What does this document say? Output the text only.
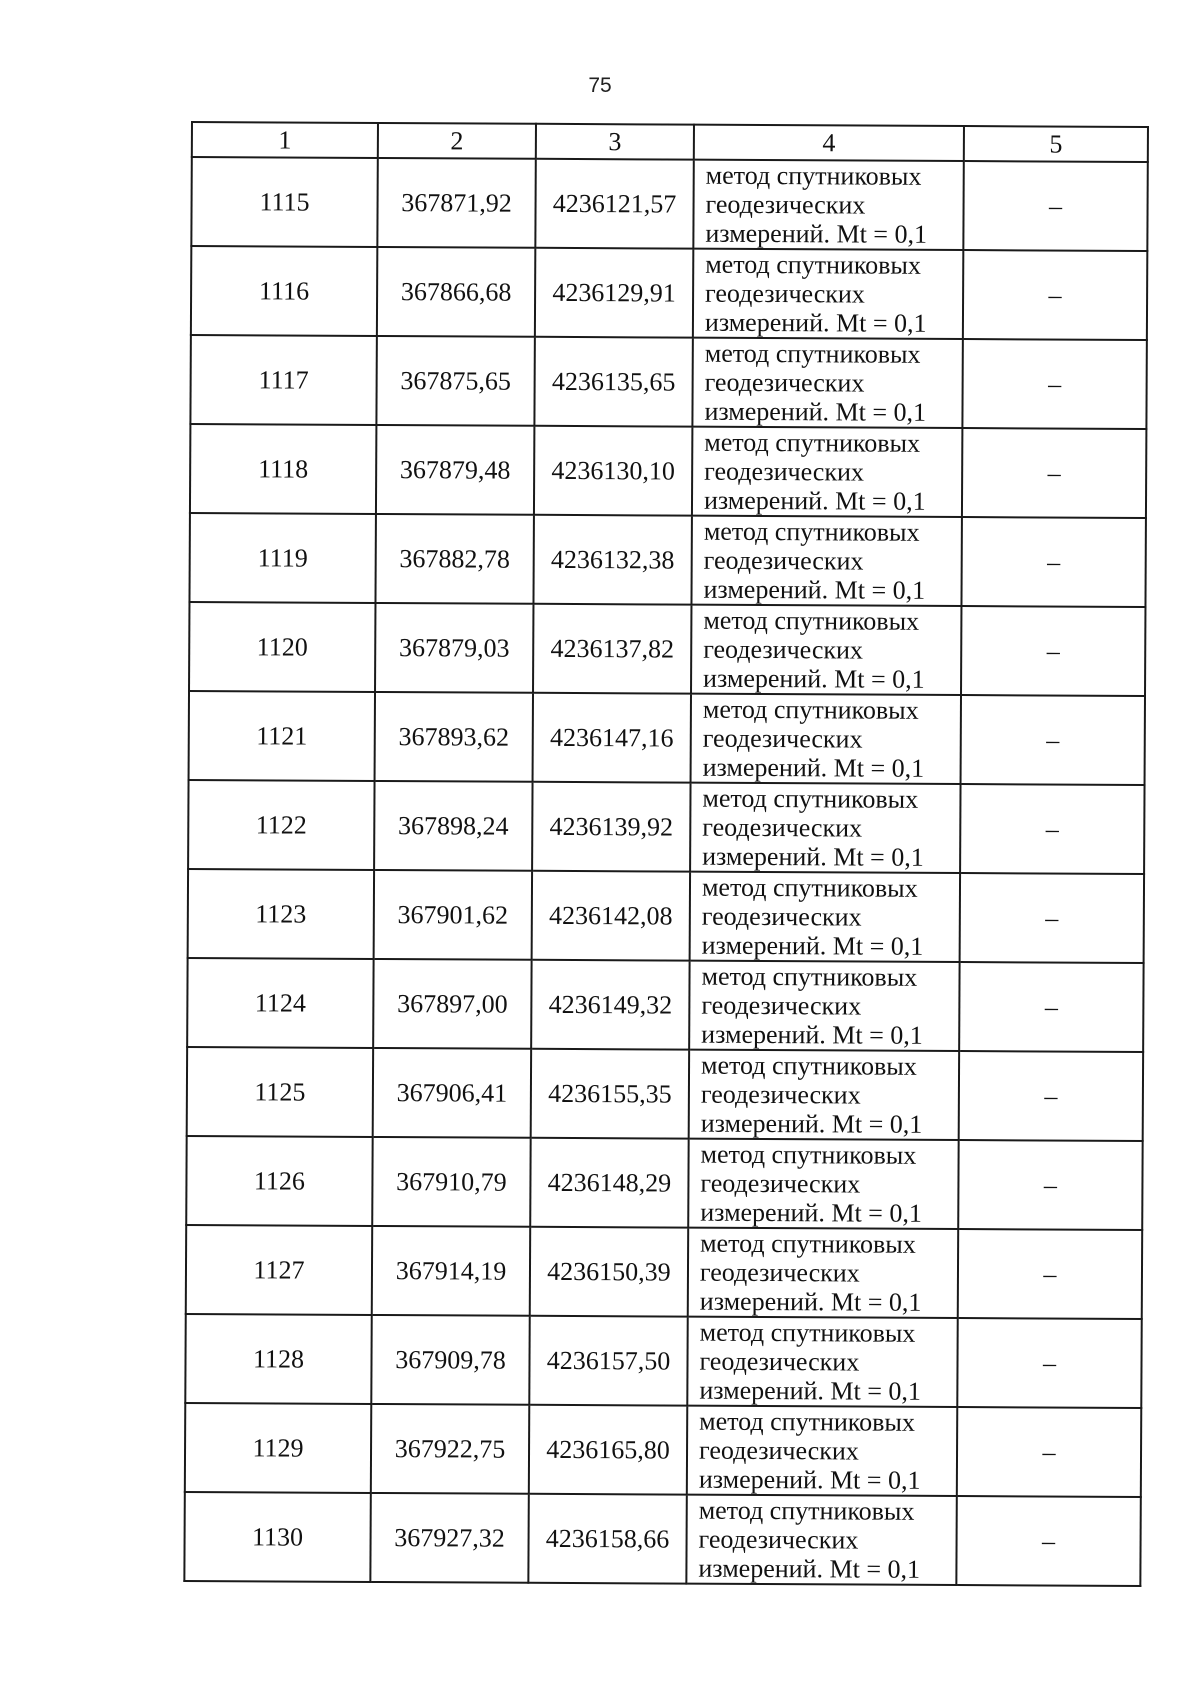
75
1	2	3	4	5
1115	367871,92	4236121,57	метод спутниковых
геодезических
измерений. Mt = 0,1	–
1116	367866,68	4236129,91	метод спутниковых
геодезических
измерений. Mt = 0,1	–
1117	367875,65	4236135,65	метод спутниковых
геодезических
измерений. Mt = 0,1	–
1118	367879,48	4236130,10	метод спутниковых
геодезических
измерений. Mt = 0,1	–
1119	367882,78	4236132,38	метод спутниковых
геодезических
измерений. Mt = 0,1	–
1120	367879,03	4236137,82	метод спутниковых
геодезических
измерений. Mt = 0,1	–
1121	367893,62	4236147,16	метод спутниковых
геодезических
измерений. Mt = 0,1	–
1122	367898,24	4236139,92	метод спутниковых
геодезических
измерений. Mt = 0,1	–
1123	367901,62	4236142,08	метод спутниковых
геодезических
измерений. Mt = 0,1	–
1124	367897,00	4236149,32	метод спутниковых
геодезических
измерений. Mt = 0,1	–
1125	367906,41	4236155,35	метод спутниковых
геодезических
измерений. Mt = 0,1	–
1126	367910,79	4236148,29	метод спутниковых
геодезических
измерений. Mt = 0,1	–
1127	367914,19	4236150,39	метод спутниковых
геодезических
измерений. Mt = 0,1	–
1128	367909,78	4236157,50	метод спутниковых
геодезических
измерений. Mt = 0,1	–
1129	367922,75	4236165,80	метод спутниковых
геодезических
измерений. Mt = 0,1	–
1130	367927,32	4236158,66	метод спутниковых
геодезических
измерений. Mt = 0,1	–
